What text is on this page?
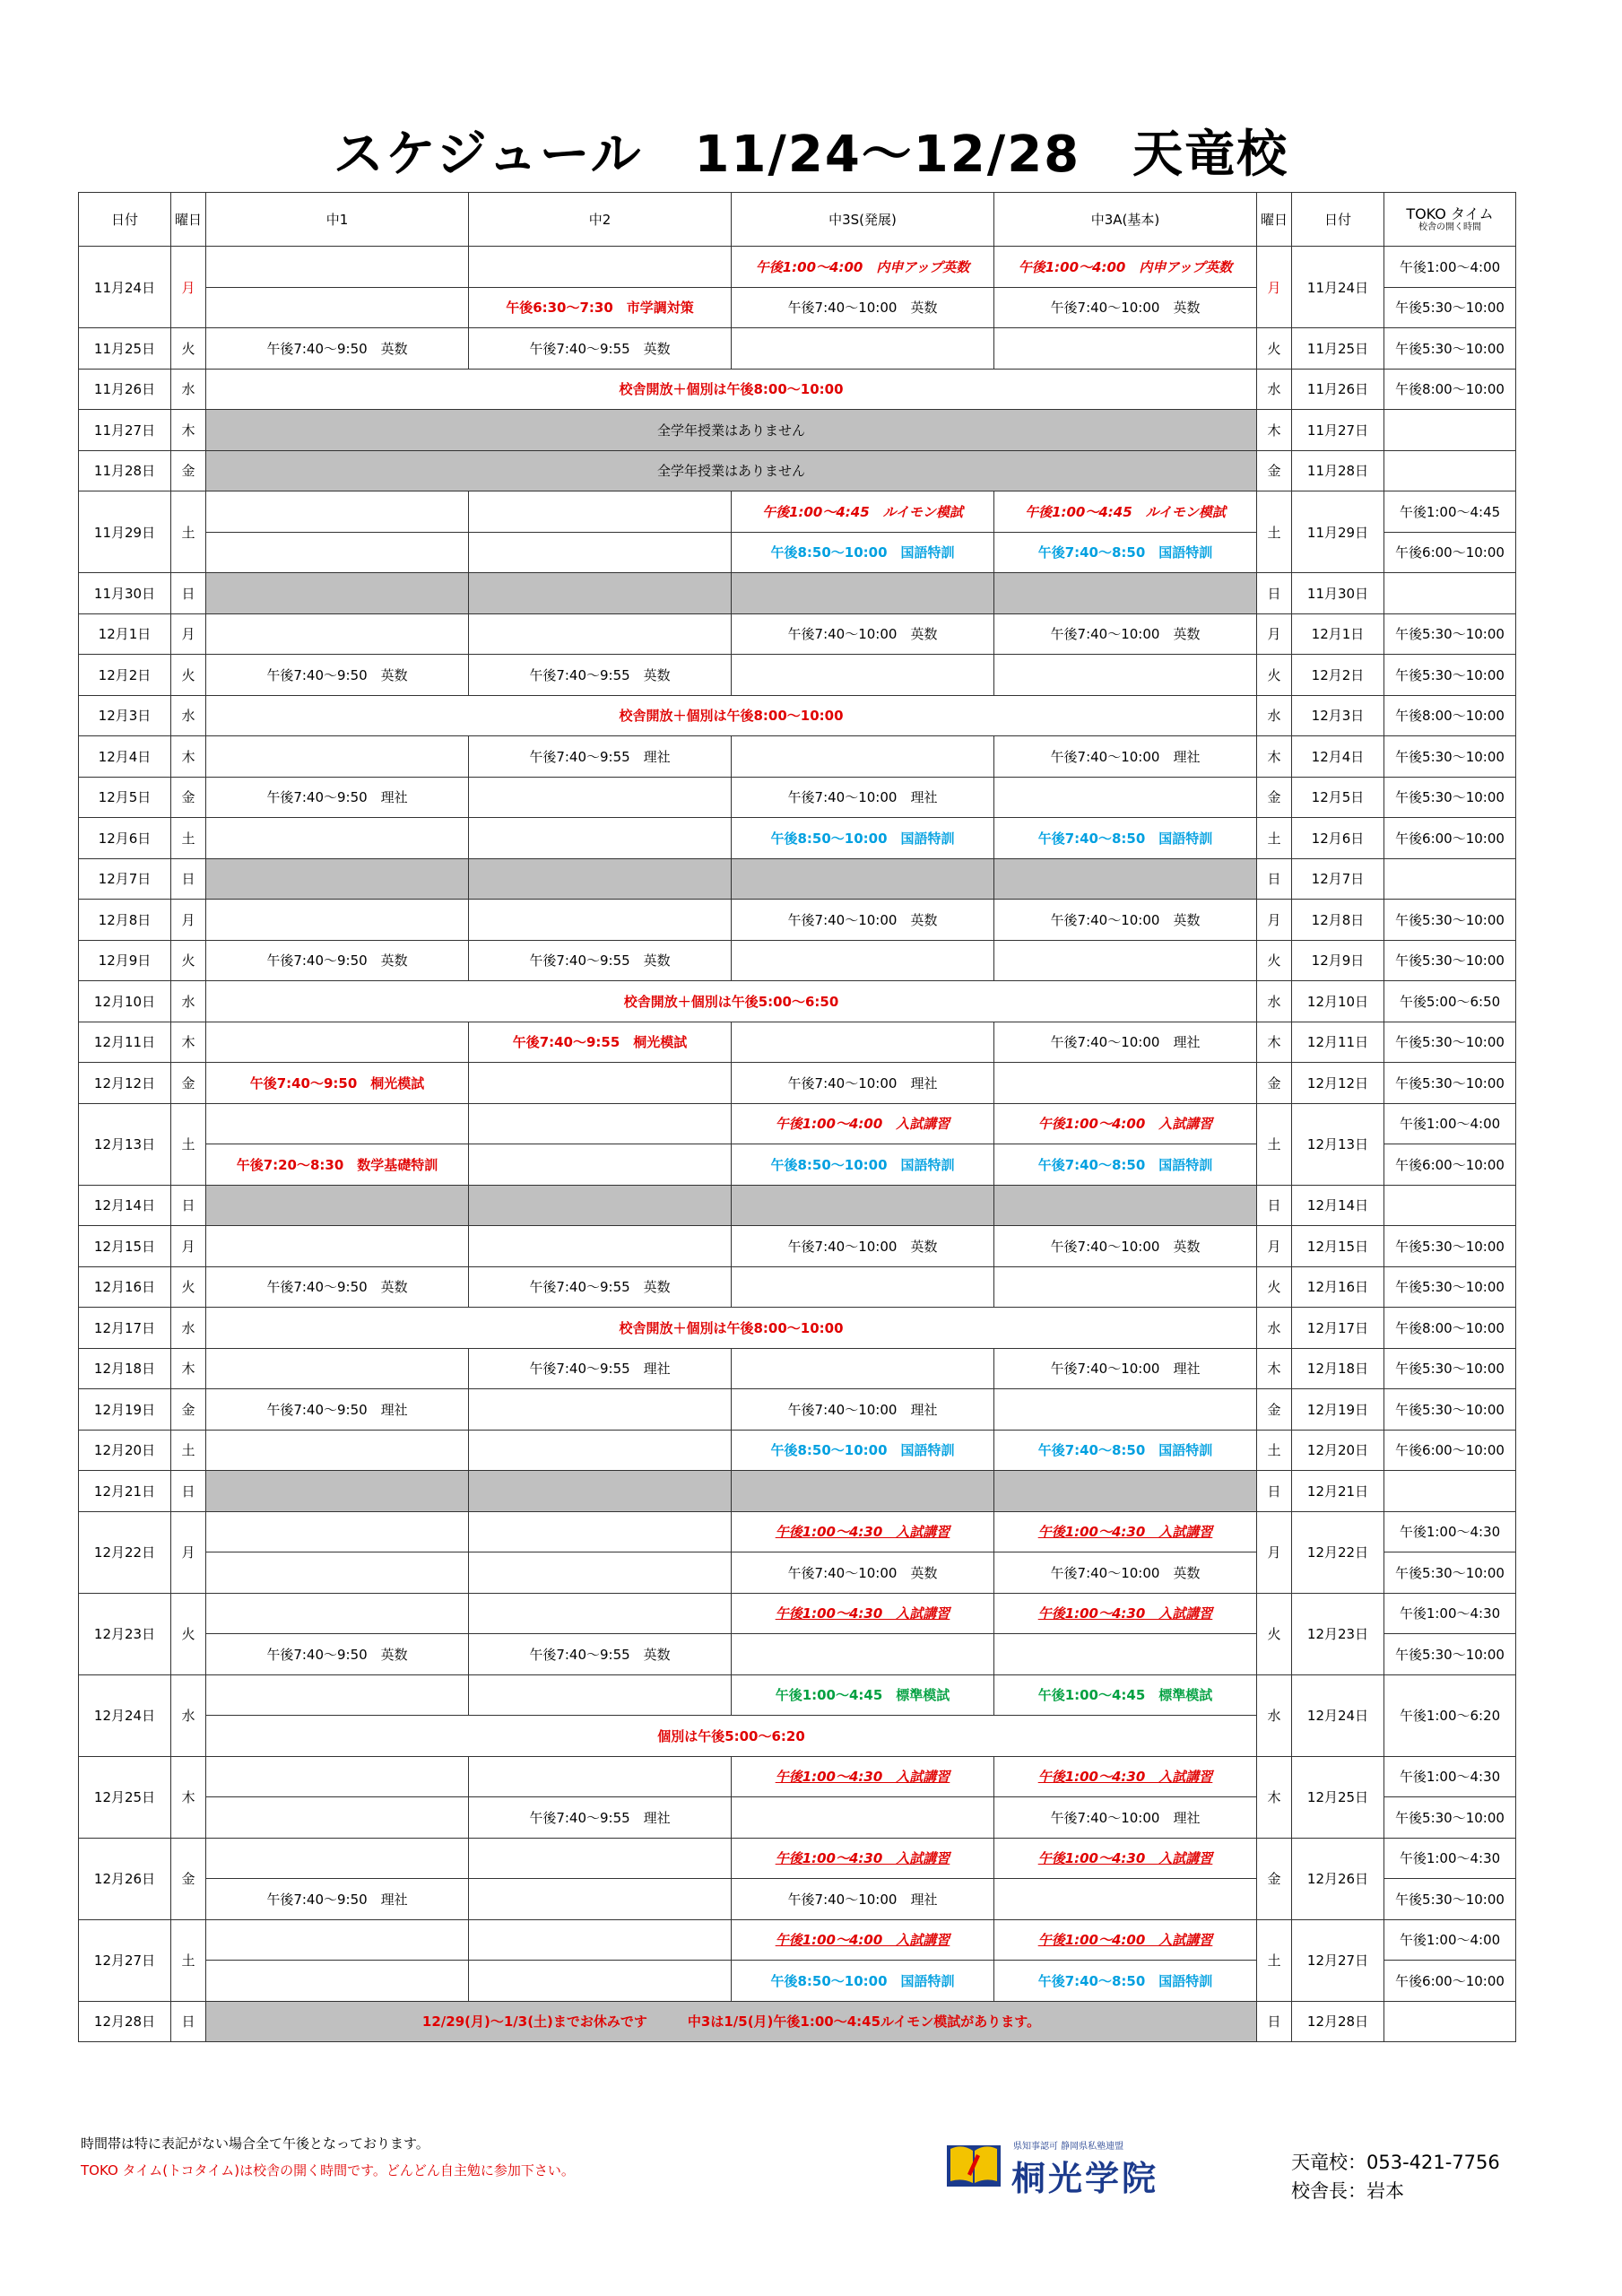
スケジュール　11/24〜12/28　天竜校
日付	曜日	中1	中2	中3S(発展)	中3A(基本)	曜日	日付	TOKO タイム
校舎の開く時間

11月24日	月			午後1:00〜4:00　内申アップ英数	午後1:00〜4:00　内申アップ英数	月	11月24日	午後1:00〜4:00
			午後6:30〜7:30　市学調対策	午後7:40〜10:00　英数	午後7:40〜10:00　英数			午後5:30〜10:00
11月25日	火	午後7:40〜9:50　英数	午後7:40〜9:55　英数			火	11月25日	午後5:30〜10:00
11月26日	水	校舎開放＋個別は午後8:00〜10:00				水	11月26日	午後8:00〜10:00
11月27日	木	全学年授業はありません				木	11月27日	
11月28日	金	全学年授業はありません				金	11月28日	
11月29日	土			午後1:00〜4:45　ルイモン模試	午後1:00〜4:45　ルイモン模試	土	11月29日	午後1:00〜4:45
				午後8:50〜10:00　国語特訓	午後7:40〜8:50　国語特訓			午後6:00〜10:00
11月30日	日					日	11月30日	
12月1日	月			午後7:40〜10:00　英数	午後7:40〜10:00　英数	月	12月1日	午後5:30〜10:00
12月2日	火	午後7:40〜9:50　英数	午後7:40〜9:55　英数			火	12月2日	午後5:30〜10:00
12月3日	水	校舎開放＋個別は午後8:00〜10:00				水	12月3日	午後8:00〜10:00
12月4日	木		午後7:40〜9:55　理社		午後7:40〜10:00　理社	木	12月4日	午後5:30〜10:00
12月5日	金	午後7:40〜9:50　理社		午後7:40〜10:00　理社		金	12月5日	午後5:30〜10:00
12月6日	土			午後8:50〜10:00　国語特訓	午後7:40〜8:50　国語特訓	土	12月6日	午後6:00〜10:00
12月7日	日					日	12月7日	
12月8日	月			午後7:40〜10:00　英数	午後7:40〜10:00　英数	月	12月8日	午後5:30〜10:00
12月9日	火	午後7:40〜9:50　英数	午後7:40〜9:55　英数			火	12月9日	午後5:30〜10:00
12月10日	水	校舎開放＋個別は午後5:00〜6:50				水	12月10日	午後5:00〜6:50
12月11日	木		午後7:40〜9:55　桐光模試		午後7:40〜10:00　理社	木	12月11日	午後5:30〜10:00
12月12日	金	午後7:40〜9:50　桐光模試		午後7:40〜10:00　理社		金	12月12日	午後5:30〜10:00
12月13日	土			午後1:00〜4:00　入試講習	午後1:00〜4:00　入試講習	土	12月13日	午後1:00〜4:00
		午後7:20〜8:30　数学基礎特訓		午後8:50〜10:00　国語特訓	午後7:40〜8:50　国語特訓			午後6:00〜10:00
12月14日	日					日	12月14日	
12月15日	月			午後7:40〜10:00　英数	午後7:40〜10:00　英数	月	12月15日	午後5:30〜10:00
12月16日	火	午後7:40〜9:50　英数	午後7:40〜9:55　英数			火	12月16日	午後5:30〜10:00
12月17日	水	校舎開放＋個別は午後8:00〜10:00				水	12月17日	午後8:00〜10:00
12月18日	木		午後7:40〜9:55　理社		午後7:40〜10:00　理社	木	12月18日	午後5:30〜10:00
12月19日	金	午後7:40〜9:50　理社		午後7:40〜10:00　理社		金	12月19日	午後5:30〜10:00
12月20日	土			午後8:50〜10:00　国語特訓	午後7:40〜8:50　国語特訓	土	12月20日	午後6:00〜10:00
12月21日	日					日	12月21日	
12月22日	月			午後1:00〜4:30　入試講習	午後1:00〜4:30　入試講習	月	12月22日	午後1:00〜4:30
				午後7:40〜10:00　英数	午後7:40〜10:00　英数			午後5:30〜10:00
12月23日	火			午後1:00〜4:30　入試講習	午後1:00〜4:30　入試講習	火	12月23日	午後1:00〜4:30
		午後7:40〜9:50　英数	午後7:40〜9:55　英数					午後5:30〜10:00
12月24日	水			午後1:00〜4:45　標準模試	午後1:00〜4:45　標準模試	水	12月24日	午後1:00〜6:20
		個別は午後5:00〜6:20						
12月25日	木			午後1:00〜4:30　入試講習	午後1:00〜4:30　入試講習	木	12月25日	午後1:00〜4:30
			午後7:40〜9:55　理社		午後7:40〜10:00　理社			午後5:30〜10:00
12月26日	金			午後1:00〜4:30　入試講習	午後1:00〜4:30　入試講習	金	12月26日	午後1:00〜4:30
		午後7:40〜9:50　理社		午後7:40〜10:00　理社				午後5:30〜10:00
12月27日	土			午後1:00〜4:00　入試講習	午後1:00〜4:00　入試講習	土	12月27日	午後1:00〜4:00
				午後8:50〜10:00　国語特訓	午後7:40〜8:50　国語特訓			午後6:00〜10:00
12月28日	日	12/29(月)〜1/3(土)までお休みです　　　中3は1/5(月)午後1:00〜4:45ルイモン模試があります。				日	12月28日	
時間帯は特に表記がない場合全て午後となっております。
TOKO タイム(トコタイム)は校舎の開く時間です。どんどん自主勉に参加下さい。
県知事認可 静岡県私塾連盟
桐光学院	天竜校：053-421-7756
校舎長：岩本
